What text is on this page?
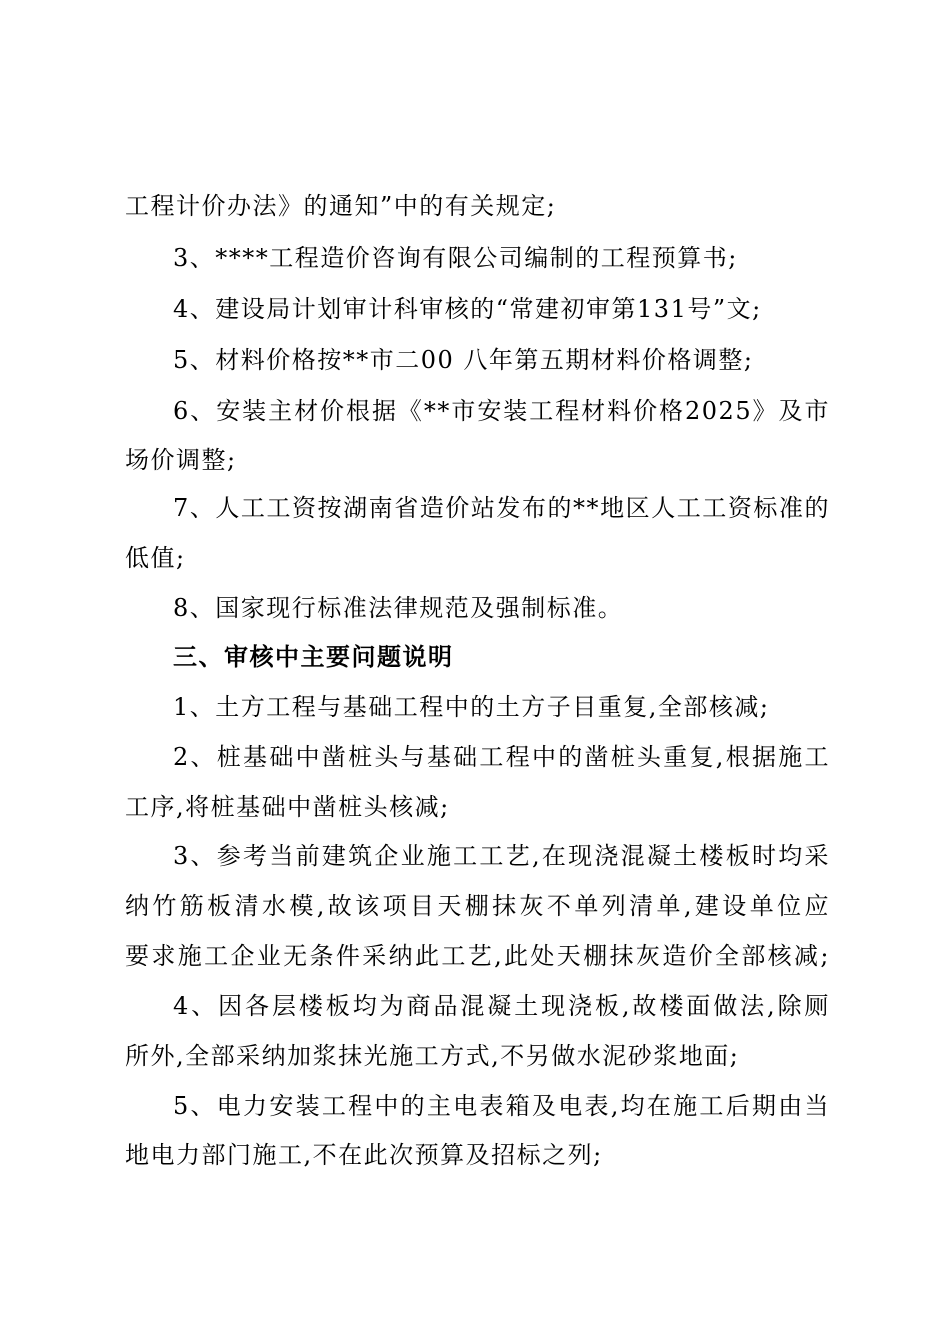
工程计价办法》的通知”中的有关规定;
3、****工程造价咨询有限公司编制的工程预算书;
4、建设局计划审计科审核的“常建初审第131号”文;
5、材料价格按**市二00 八年第五期材料价格调整;
6、安装主材价根据《**市安装工程材料价格2025》及市
场价调整;
7、人工工资按湖南省造价站发布的**地区人工工资标准的
低值;
8、国家现行标准法律规范及强制标准。
三、审核中主要问题说明
1、土方工程与基础工程中的土方子目重复,全部核减;
2、桩基础中凿桩头与基础工程中的凿桩头重复,根据施工
工序,将桩基础中凿桩头核减;
3、参考当前建筑企业施工工艺,在现浇混凝土楼板时均采
纳竹筋板清水模,故该项目天棚抹灰不单列清单,建设单位应
要求施工企业无条件采纳此工艺,此处天棚抹灰造价全部核减;
4、因各层楼板均为商品混凝土现浇板,故楼面做法,除厕
所外,全部采纳加浆抹光施工方式,不另做水泥砂浆地面;
5、电力安装工程中的主电表箱及电表,均在施工后期由当
地电力部门施工,不在此次预算及招标之列;
